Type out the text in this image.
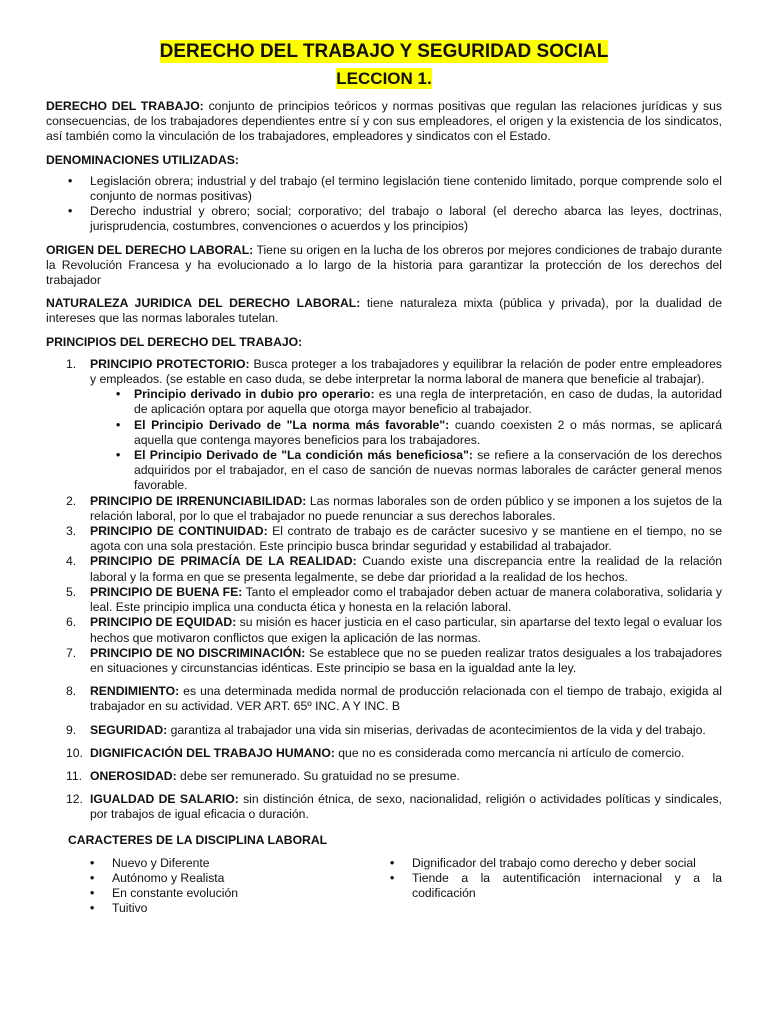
DERECHO DEL TRABAJO Y SEGURIDAD SOCIAL
LECCION 1.

DERECHO DEL TRABAJO: conjunto de principios teóricos y normas positivas que regulan las relaciones jurídicas y sus consecuencias, de los trabajadores dependientes entre sí y con sus empleadores, el origen y la existencia de los sindicatos, así también como la vinculación de los trabajadores, empleadores y sindicatos con el Estado.

DENOMINACIONES UTILIZADAS:

• Legislación obrera; industrial y del trabajo (el termino legislación tiene contenido limitado, porque comprende solo el conjunto de normas positivas)
• Derecho industrial y obrero; social; corporativo; del trabajo o laboral (el derecho abarca las leyes, doctrinas, jurisprudencia, costumbres, convenciones o acuerdos y los principios)

ORIGEN DEL DERECHO LABORAL: Tiene su origen en la lucha de los obreros por mejores condiciones de trabajo durante la Revolución Francesa y ha evolucionado a lo largo de la historia para garantizar la protección de los derechos del trabajador

NATURALEZA JURIDICA DEL DERECHO LABORAL: tiene naturaleza mixta (pública y privada), por la dualidad de intereses que las normas laborales tutelan.

PRINCIPIOS DEL DERECHO DEL TRABAJO:

1. PRINCIPIO PROTECTORIO: Busca proteger a los trabajadores y equilibrar la relación de poder entre empleadores y empleados. (se estable en caso duda, se debe interpretar la norma laboral de manera que beneficie al trabajar).
• Principio derivado in dubio pro operario: es una regla de interpretación, en caso de dudas, la autoridad de aplicación optara por aquella que otorga mayor beneficio al trabajador.
• El Principio Derivado de "La norma más favorable": cuando coexisten 2 o más normas, se aplicará aquella que contenga mayores beneficios para los trabajadores.
• El Principio Derivado de "La condición más beneficiosa": se refiere a la conservación de los derechos adquiridos por el trabajador, en el caso de sanción de nuevas normas laborales de carácter general menos favorable.
2. PRINCIPIO DE IRRENUNCIABILIDAD: Las normas laborales son de orden público y se imponen a los sujetos de la relación laboral, por lo que el trabajador no puede renunciar a sus derechos laborales.
3. PRINCIPIO DE CONTINUIDAD: El contrato de trabajo es de carácter sucesivo y se mantiene en el tiempo, no se agota con una sola prestación. Este principio busca brindar seguridad y estabilidad al trabajador.
4. PRINCIPIO DE PRIMACÍA DE LA REALIDAD: Cuando existe una discrepancia entre la realidad de la relación laboral y la forma en que se presenta legalmente, se debe dar prioridad a la realidad de los hechos.
5. PRINCIPIO DE BUENA FE: Tanto el empleador como el trabajador deben actuar de manera colaborativa, solidaria y leal. Este principio implica una conducta ética y honesta en la relación laboral.
6. PRINCIPIO DE EQUIDAD: su misión es hacer justicia en el caso particular, sin apartarse del texto legal o evaluar los hechos que motivaron conflictos que exigen la aplicación de las normas.
7. PRINCIPIO DE NO DISCRIMINACIÓN: Se establece que no se pueden realizar tratos desiguales a los trabajadores en situaciones y circunstancias idénticas. Este principio se basa en la igualdad ante la ley.
8. RENDIMIENTO: es una determinada medida normal de producción relacionada con el tiempo de trabajo, exigida al trabajador en su actividad. VER ART. 65º INC. A Y INC. B
9. SEGURIDAD: garantiza al trabajador una vida sin miserias, derivadas de acontecimientos de la vida y del trabajo.
10. DIGNIFICACIÓN DEL TRABAJO HUMANO: que no es considerada como mercancía ni artículo de comercio.
11. ONEROSIDAD: debe ser remunerado. Su gratuidad no se presume.
12. IGUALDAD DE SALARIO: sin distinción étnica, de sexo, nacionalidad, religión o actividades políticas y sindicales, por trabajos de igual eficacia o duración.

CARACTERES DE LA DISCIPLINA LABORAL

• Nuevo y Diferente
• Autónomo y Realista
• En constante evolución
• Tuitivo
• Dignificador del trabajo como derecho y deber social
• Tiende a la autentificación internacional y a la codificación
